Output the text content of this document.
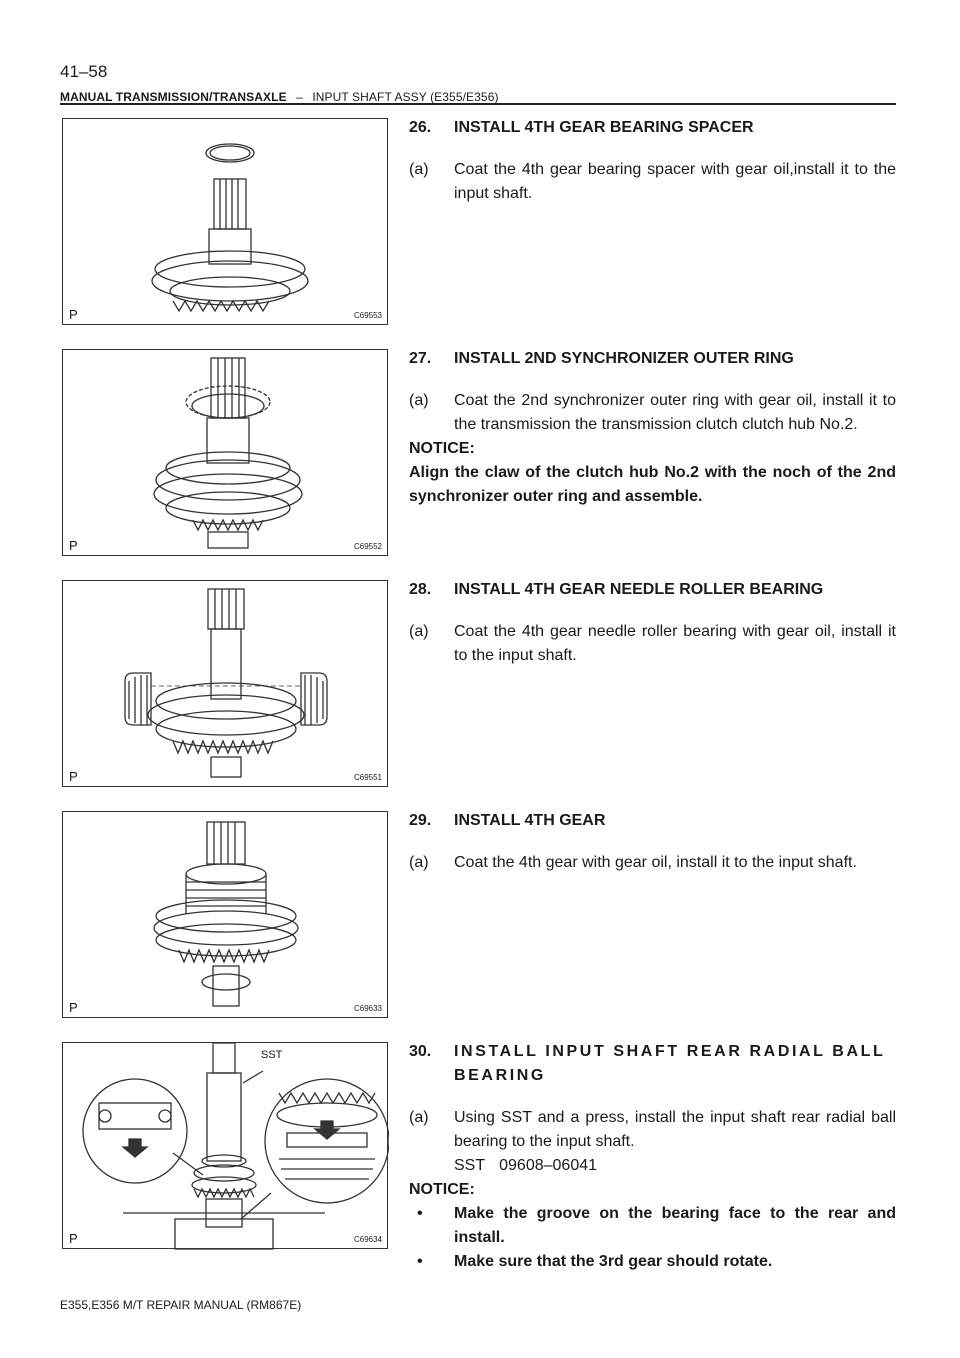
41–58
MANUAL TRANSMISSION/TRANSAXLE – INPUT SHAFT ASSY (E355/E356)
P	C69553
P	C69552
P	C69551
P	C69633
SST
P	C69634
26.	INSTALL 4TH GEAR BEARING SPACER
(a)	Coat the 4th gear bearing spacer with gear oil,install it to the input shaft.
27.	INSTALL 2ND SYNCHRONIZER OUTER RING
(a)	Coat the 2nd synchronizer outer ring with gear oil, install it to the transmission the transmission clutch clutch hub No.2.
NOTICE:
Align the claw of the clutch hub No.2 with the noch of the 2nd synchronizer outer ring and assemble.
28.	INSTALL 4TH GEAR NEEDLE ROLLER BEARING
(a)	Coat the 4th gear needle roller bearing with gear oil, install it to the input shaft.
29.	INSTALL 4TH GEAR
(a)	Coat the 4th gear with gear oil, install it to the input shaft.
30.	INSTALL INPUT SHAFT REAR RADIAL BALL BEARING
(a)	Using SST and a press, install the input shaft rear radial ball bearing to the input shaft.
SST 09608–06041
NOTICE:
•	Make the groove on the bearing face to the rear and install.
•	Make sure that the 3rd gear should rotate.
E355,E356 M/T REPAIR MANUAL (RM867E)
